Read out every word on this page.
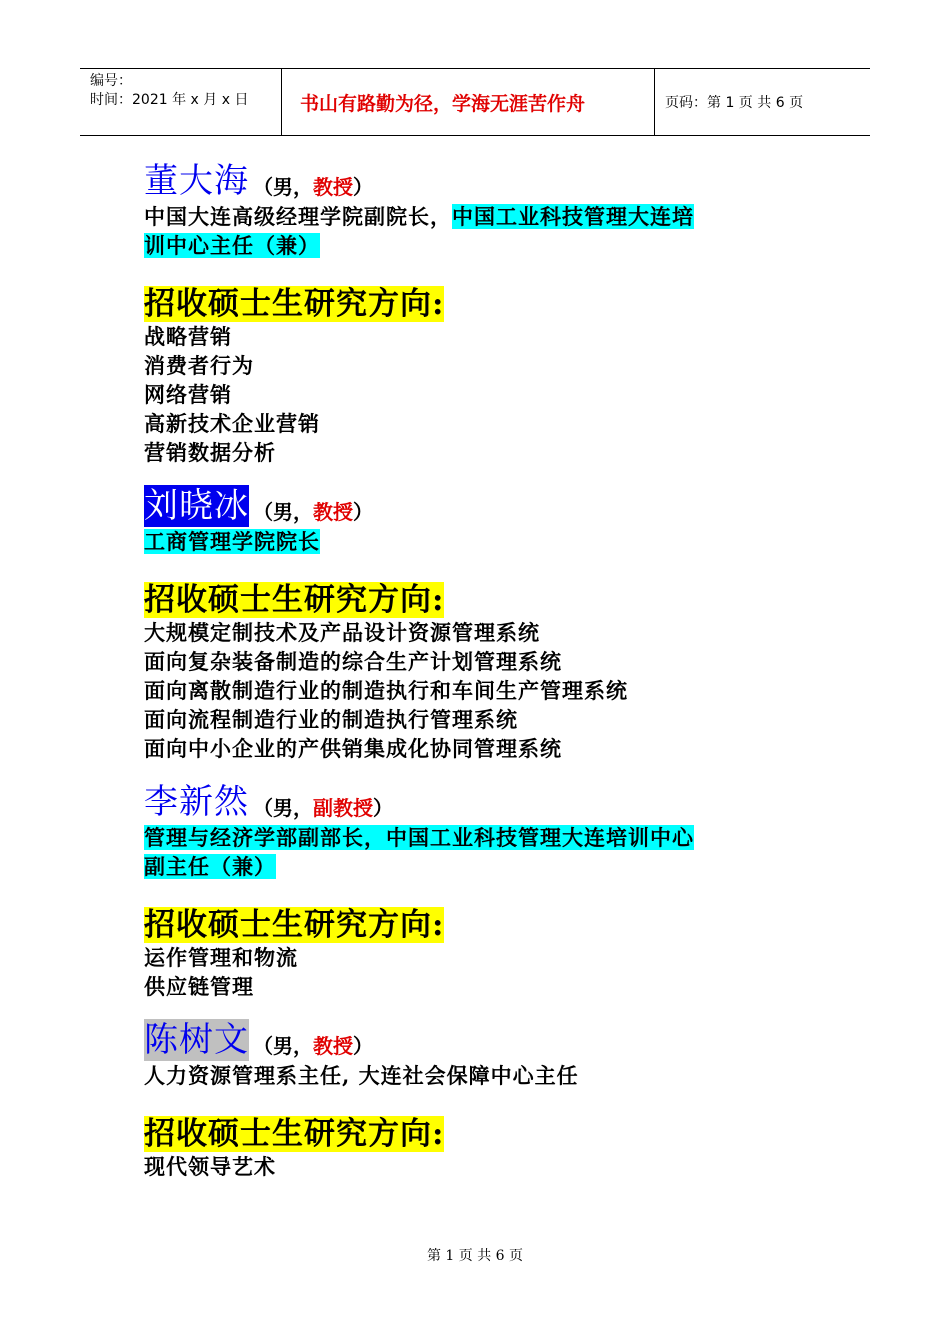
编号：
时间：2021 年 x 月 x 日	书山有路勤为径，学海无涯苦作舟	页码：第 1 页 共 6 页
董大海 （男，教授）
中国大连高级经理学院副院长，中国工业科技管理大连培
训中心主任（兼）
招收硕士生研究方向:
战略营销
消费者行为
网络营销
高新技术企业营销
营销数据分析
刘晓冰 （男，教授）
工商管理学院院长
招收硕士生研究方向:
大规模定制技术及产品设计资源管理系统
面向复杂装备制造的综合生产计划管理系统
面向离散制造行业的制造执行和车间生产管理系统
面向流程制造行业的制造执行管理系统
面向中小企业的产供销集成化协同管理系统
李新然 （男，副教授）
管理与经济学部副部长，中国工业科技管理大连培训中心
副主任（兼）
招收硕士生研究方向:
运作管理和物流
供应链管理
陈树文 （男，教授）
人力资源管理系主任, 大连社会保障中心主任
招收硕士生研究方向:
现代领导艺术
第 1 页 共 6 页
